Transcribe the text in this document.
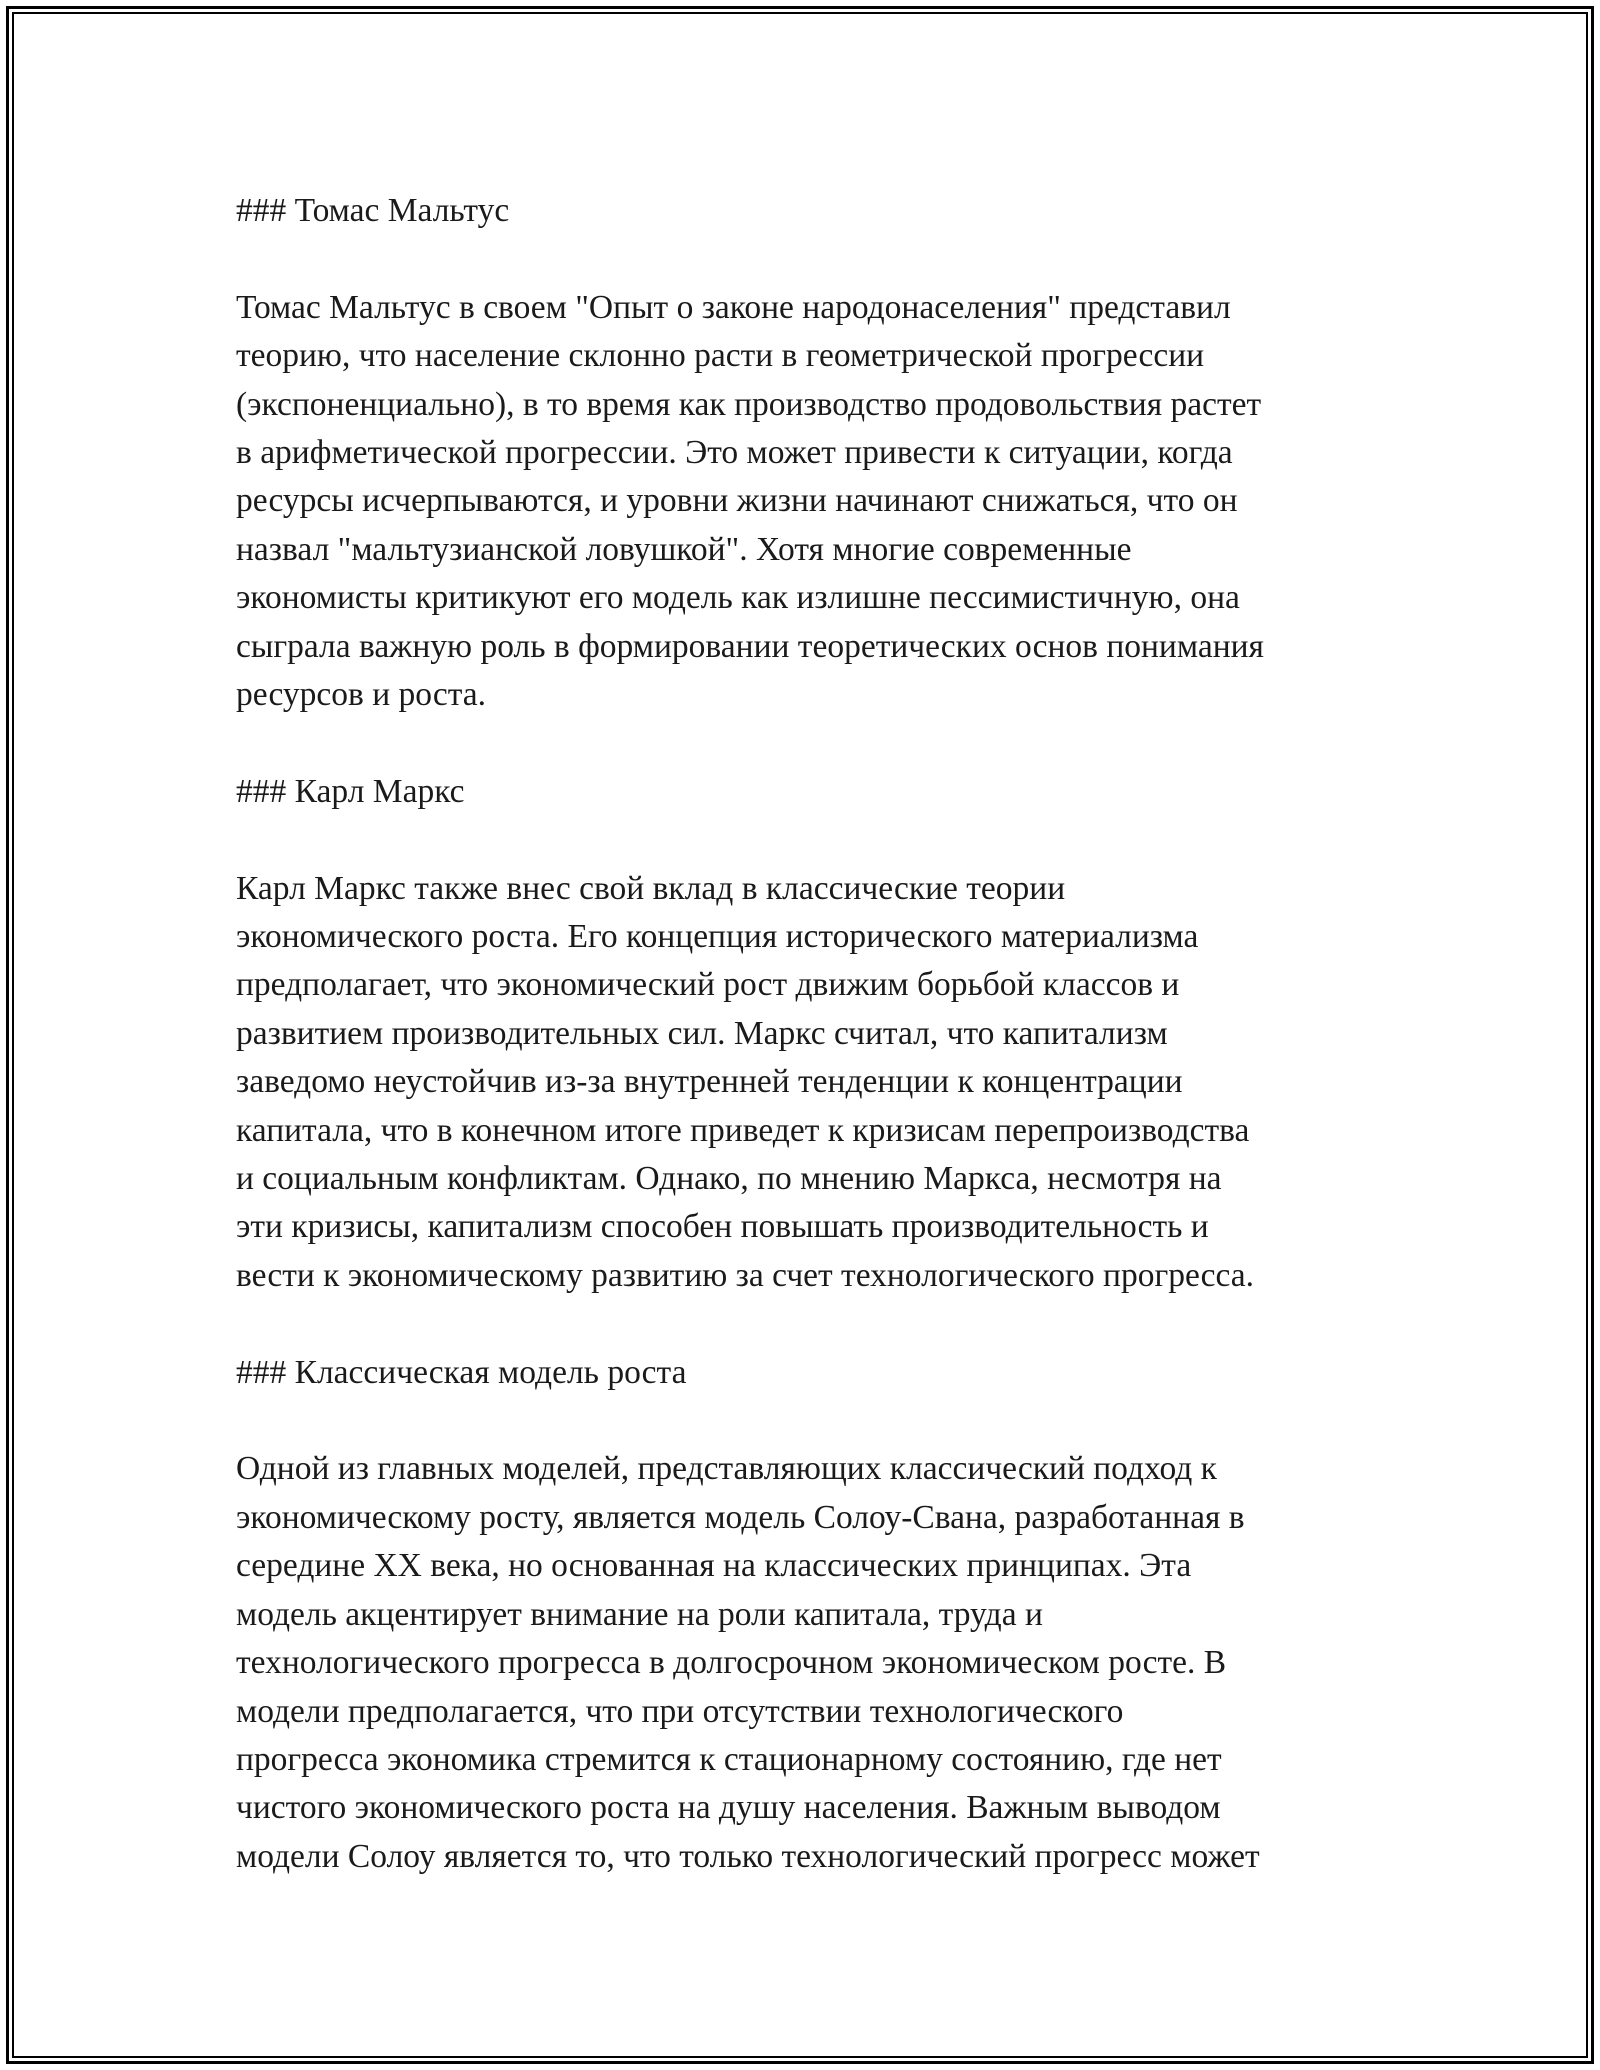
### Томас Мальтус
Томас Мальтус в своем "Опыт о законе народонаселения" представил
теорию, что население склонно расти в геометрической прогрессии
(экспоненциально), в то время как производство продовольствия растет
в арифметической прогрессии. Это может привести к ситуации, когда
ресурсы исчерпываются, и уровни жизни начинают снижаться, что он
назвал "мальтузианской ловушкой". Хотя многие современные
экономисты критикуют его модель как излишне пессимистичную, она
сыграла важную роль в формировании теоретических основ понимания
ресурсов и роста.
### Карл Маркс
Карл Маркс также внес свой вклад в классические теории
экономического роста. Его концепция исторического материализма
предполагает, что экономический рост движим борьбой классов и
развитием производительных сил. Маркс считал, что капитализм
заведомо неустойчив из-за внутренней тенденции к концентрации
капитала, что в конечном итоге приведет к кризисам перепроизводства
и социальным конфликтам. Однако, по мнению Маркса, несмотря на
эти кризисы, капитализм способен повышать производительность и
вести к экономическому развитию за счет технологического прогресса.
### Классическая модель роста
Одной из главных моделей, представляющих классический подход к
экономическому росту, является модель Солоу-Свана, разработанная в
середине XX века, но основанная на классических принципах. Эта
модель акцентирует внимание на роли капитала, труда и
технологического прогресса в долгосрочном экономическом росте. В
модели предполагается, что при отсутствии технологического
прогресса экономика стремится к стационарному состоянию, где нет
чистого экономического роста на душу населения. Важным выводом
модели Солоу является то, что только технологический прогресс может
